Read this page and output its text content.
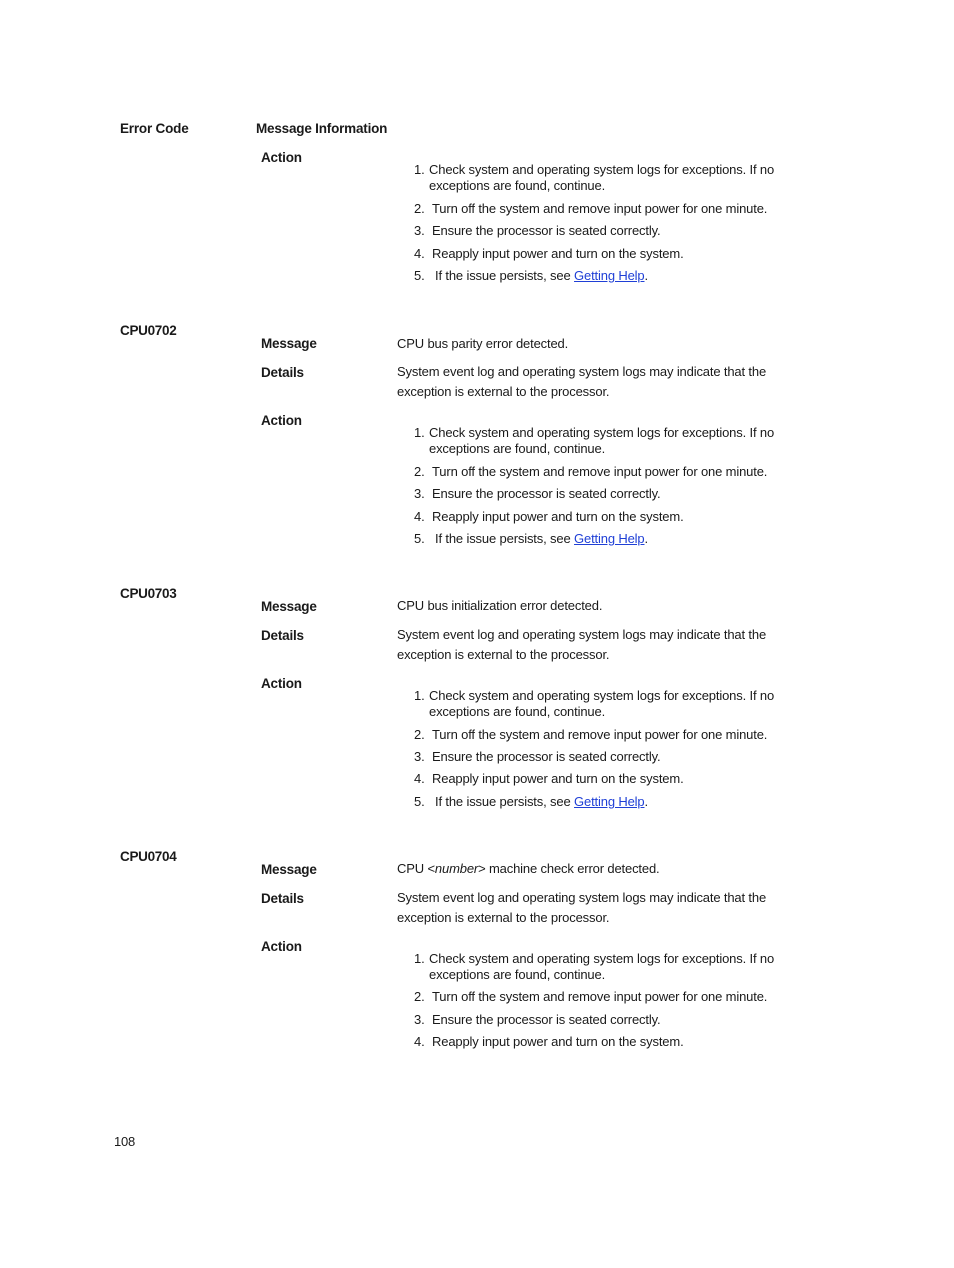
Error Code	Message Information
Action
1. Check system and operating system logs for exceptions. If no
exceptions are found, continue.
2. Turn off the system and remove input power for one minute.
3. Ensure the processor is seated correctly.
4. Reapply input power and turn on the system.
5. If the issue persists, see Getting Help.
CPU0702
Message	CPU bus parity error detected.
Details	System event log and operating system logs may indicate that the
exception is external to the processor.
Action
1. Check system and operating system logs for exceptions. If no
exceptions are found, continue.
2. Turn off the system and remove input power for one minute.
3. Ensure the processor is seated correctly.
4. Reapply input power and turn on the system.
5. If the issue persists, see Getting Help.
CPU0703
Message	CPU bus initialization error detected.
Details	System event log and operating system logs may indicate that the
exception is external to the processor.
Action
1. Check system and operating system logs for exceptions. If no
exceptions are found, continue.
2. Turn off the system and remove input power for one minute.
3. Ensure the processor is seated correctly.
4. Reapply input power and turn on the system.
5. If the issue persists, see Getting Help.
CPU0704
Message	CPU <number> machine check error detected.
Details	System event log and operating system logs may indicate that the
exception is external to the processor.
Action
1. Check system and operating system logs for exceptions. If no
exceptions are found, continue.
2. Turn off the system and remove input power for one minute.
3. Ensure the processor is seated correctly.
4. Reapply input power and turn on the system.
108
